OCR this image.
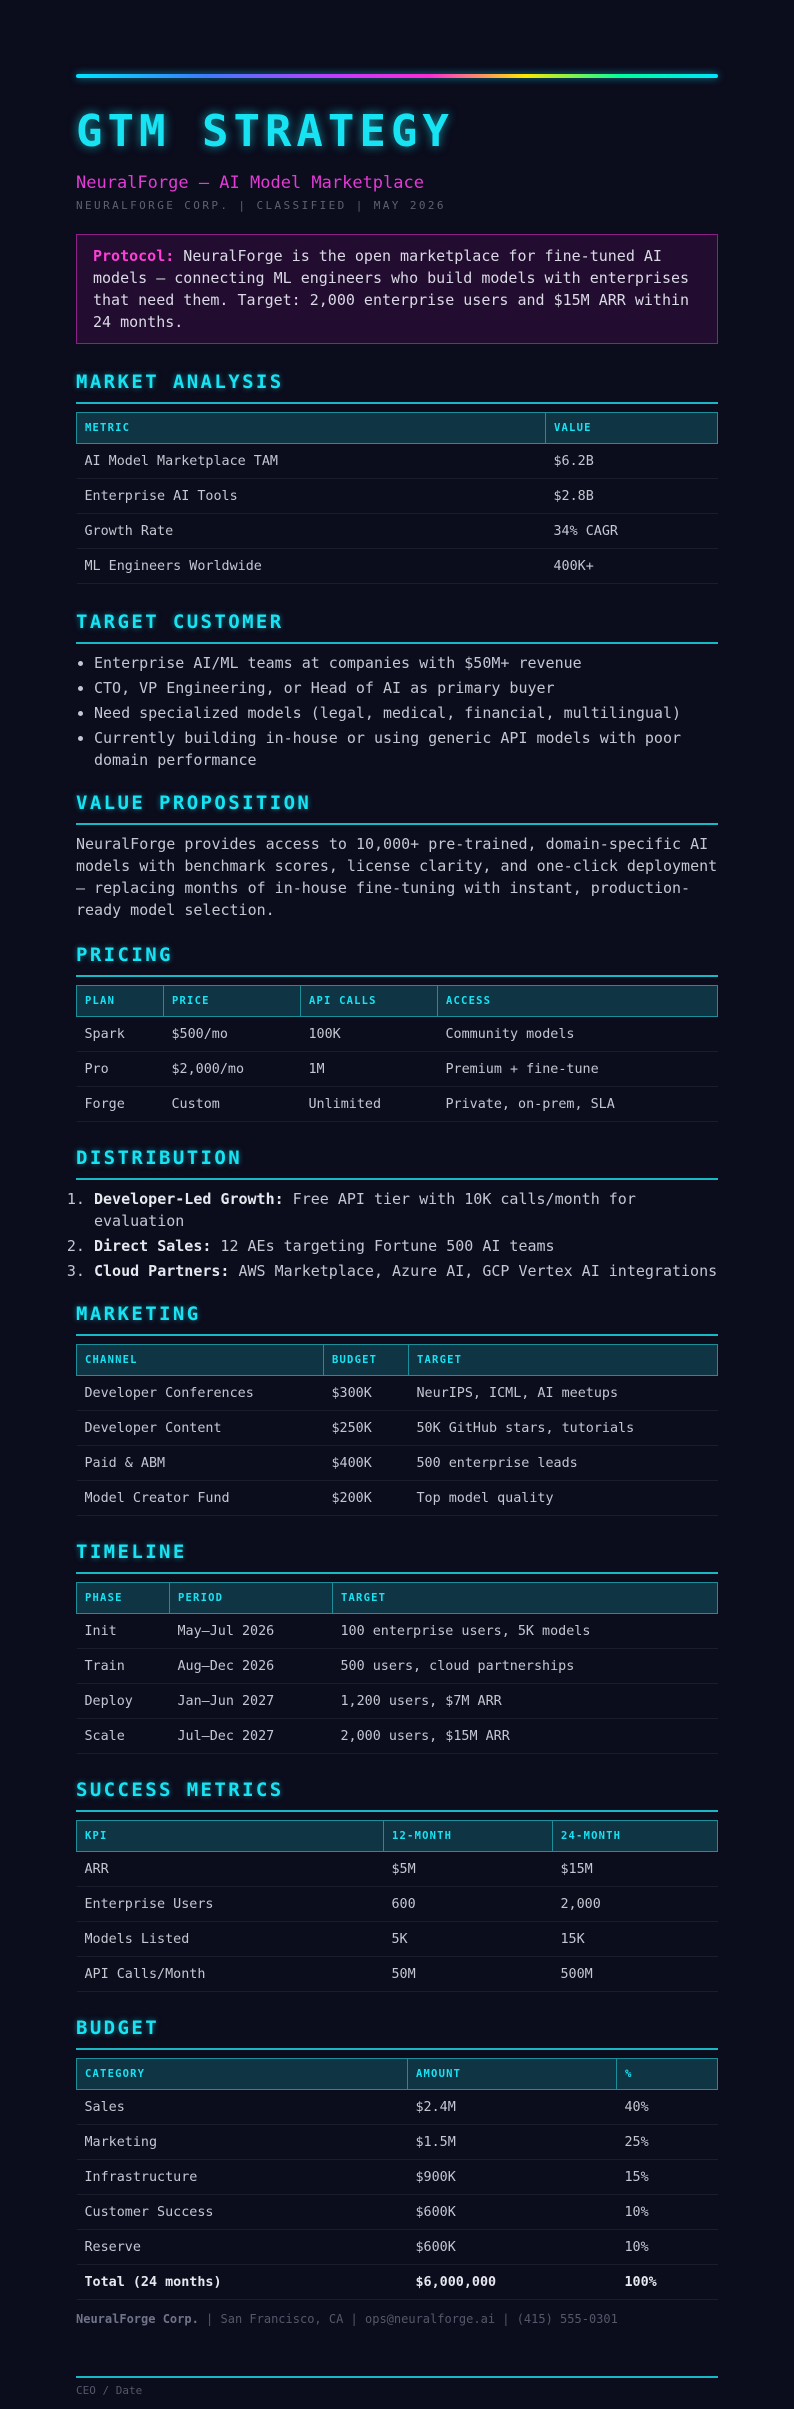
GTM STRATEGY
NeuralForge — AI Model Marketplace
NEURALFORGE CORP. | CLASSIFIED | MAY 2026
Protocol: NeuralForge is the open marketplace for fine-tuned AI models — connecting ML engineers who build models with enterprises that need them. Target: 2,000 enterprise users and $15M ARR within 24 months.
MARKET ANALYSIS
METRIC	VALUE
AI Model Marketplace TAM	$6.2B
Enterprise AI Tools	$2.8B
Growth Rate	34% CAGR
ML Engineers Worldwide	400K+
TARGET CUSTOMER
• Enterprise AI/ML teams at companies with $50M+ revenue
• CTO, VP Engineering, or Head of AI as primary buyer
• Need specialized models (legal, medical, financial, multilingual)
• Currently building in-house or using generic API models with poor domain performance
VALUE PROPOSITION

NeuralForge provides access to 10,000+ pre-trained, domain-specific AI models with benchmark scores, license clarity, and one-click deployment — replacing months of in-house fine-tuning with instant, production-ready model selection.

PRICING
PLAN	PRICE	API CALLS	ACCESS
Spark	$500/mo	100K	Community models
Pro	$2,000/mo	1M	Premium + fine-tune
Forge	Custom	Unlimited	Private, on-prem, SLA
DISTRIBUTION
1. Developer-Led Growth: Free API tier with 10K calls/month for evaluation
2. Direct Sales: 12 AEs targeting Fortune 500 AI teams
3. Cloud Partners: AWS Marketplace, Azure AI, GCP Vertex AI integrations
MARKETING
CHANNEL	BUDGET	TARGET
Developer Conferences	$300K	NeurIPS, ICML, AI meetups
Developer Content	$250K	50K GitHub stars, tutorials
Paid & ABM	$400K	500 enterprise leads
Model Creator Fund	$200K	Top model quality
TIMELINE
PHASE	PERIOD	TARGET
Init	May–Jul 2026	100 enterprise users, 5K models
Train	Aug–Dec 2026	500 users, cloud partnerships
Deploy	Jan–Jun 2027	1,200 users, $7M ARR
Scale	Jul–Dec 2027	2,000 users, $15M ARR
SUCCESS METRICS
KPI	12-MONTH	24-MONTH
ARR	$5M	$15M
Enterprise Users	600	2,000
Models Listed	5K	15K
API Calls/Month	50M	500M
BUDGET
CATEGORY	AMOUNT	%
Sales	$2.4M	40%
Marketing	$1.5M	25%
Infrastructure	$900K	15%
Customer Success	$600K	10%
Reserve	$600K	10%
Total (24 months)	$6,000,000	100%
NeuralForge Corp. | San Francisco, CA | ops@neuralforge.ai | (415) 555-0301
CEO / Date
